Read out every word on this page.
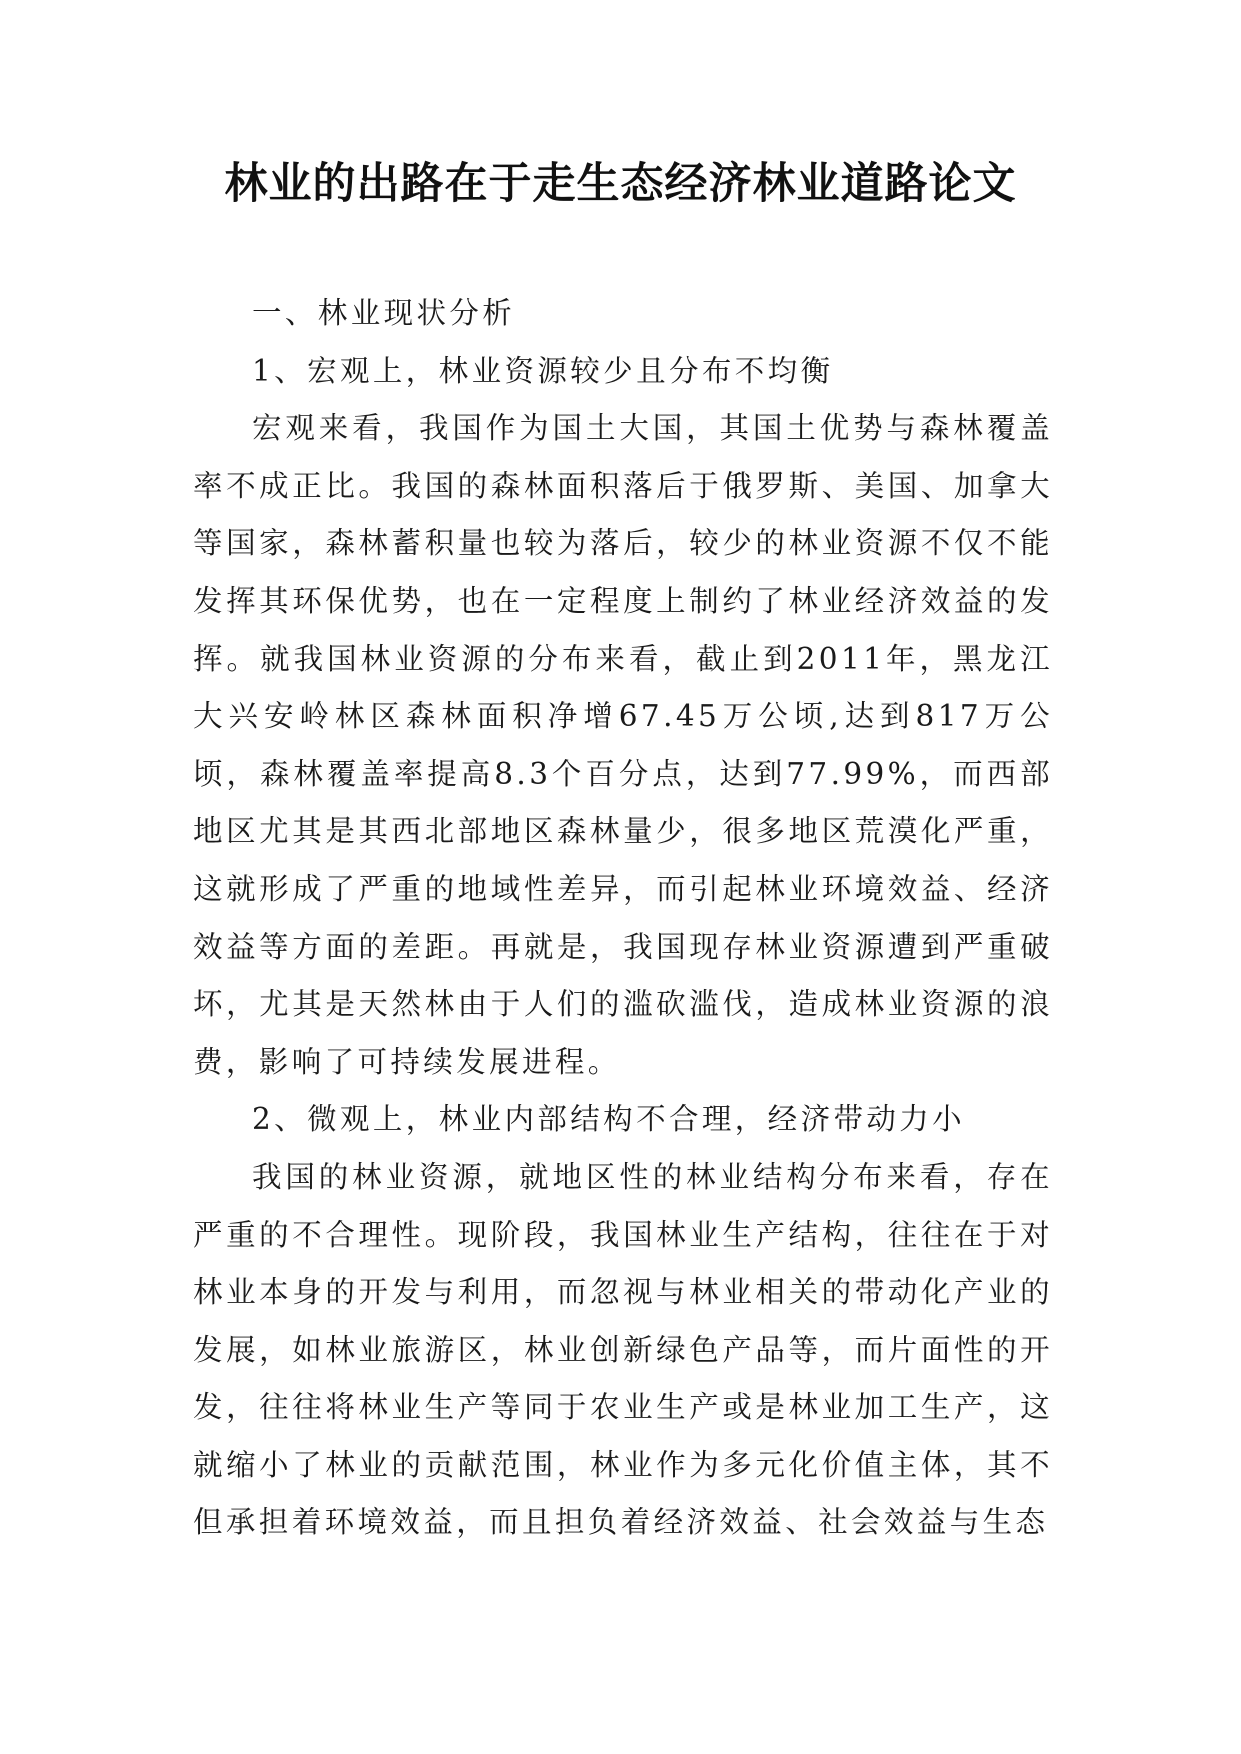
林业的出路在于走生态经济林业道路论文

一、林业现状分析

1、宏观上，林业资源较少且分布不均衡

宏观来看，我国作为国土大国，其国土优势与森林覆盖率不成正比。我国的森林面积落后于俄罗斯、美国、加拿大等国家，森林蓄积量也较为落后，较少的林业资源不仅不能发挥其环保优势，也在一定程度上制约了林业经济效益的发挥。就我国林业资源的分布来看，截止到2011年，黑龙江大兴安岭林区森林面积净增67.45万公顷,达到817万公顷，森林覆盖率提高8.3个百分点，达到77.99%，而西部地区尤其是其西北部地区森林量少，很多地区荒漠化严重，这就形成了严重的地域性差异，而引起林业环境效益、经济效益等方面的差距。再就是，我国现存林业资源遭到严重破坏，尤其是天然林由于人们的滥砍滥伐，造成林业资源的浪费，影响了可持续发展进程。

2、微观上，林业内部结构不合理，经济带动力小

我国的林业资源，就地区性的林业结构分布来看，存在严重的不合理性。现阶段，我国林业生产结构，往往在于对林业本身的开发与利用，而忽视与林业相关的带动化产业的发展，如林业旅游区，林业创新绿色产品等，而片面性的开发，往往将林业生产等同于农业生产或是林业加工生产，这就缩小了林业的贡献范围，林业作为多元化价值主体，其不但承担着环境效益，而且担负着经济效益、社会效益与生态
